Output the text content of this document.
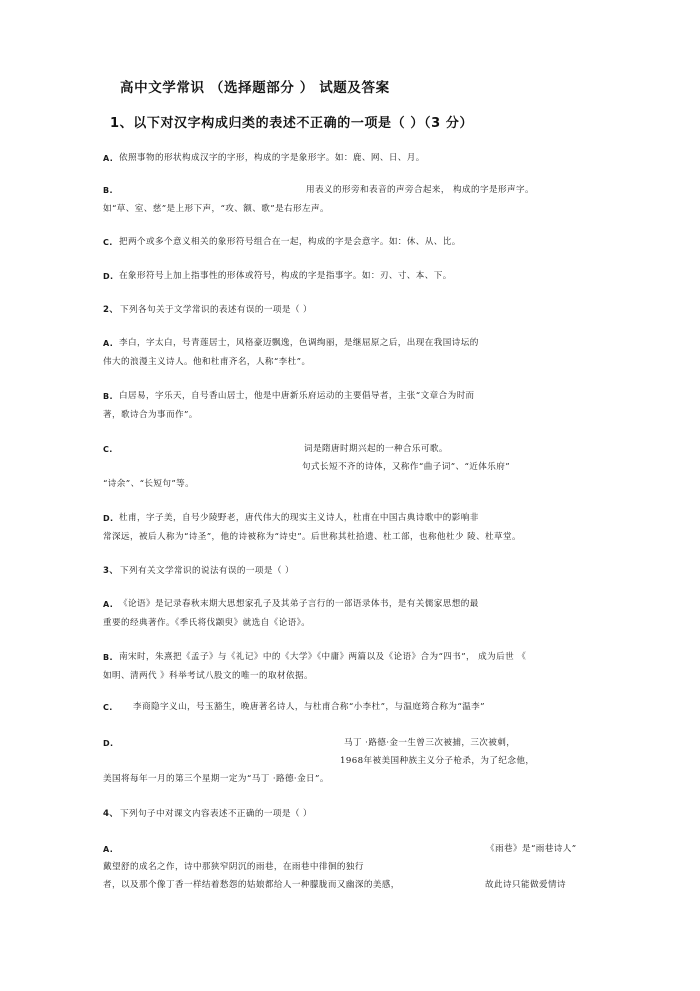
高中文学常识 （选择题部分 ） 试题及答案
1、以下对汉字构成归类的表述不正确的一项是（ ）（3 分）
A. 依照事物的形状构成汉字的字形，构成的字是象形字。如：鹿、网、日、月。
B.	用表义的形旁和表音的声旁合起来， 构成的字是形声字。
如“草、室、慈”是上形下声，“攻、额、歌”是右形左声。
C. 把两个或多个意义相关的象形符号组合在一起，构成的字是会意字。如：休、从、比。
D. 在象形符号上加上指事性的形体或符号，构成的字是指事字。如：刃、寸、本、下。
2、 下列各句关于文学常识的表述有误的一项是（ ）
A. 李白，字太白，号青莲居士，风格豪迈飘逸，色调绚丽，是继屈原之后，出现在我国诗坛的
伟大的浪漫主义诗人。他和杜甫齐名，人称“李杜”。
B. 白居易，字乐天，自号香山居士，他是中唐新乐府运动的主要倡导者，主张“文章合为时而
著，歌诗合为事而作”。
C.	词是隋唐时期兴起的一种合乐可歌。
句式长短不齐的诗体，又称作“曲子词”、“近体乐府”
“诗余”、“长短句”等。
D. 杜甫，字子美，自号少陵野老，唐代伟大的现实主义诗人，杜甫在中国古典诗歌中的影响非
常深远，被后人称为“诗圣”，他的诗被称为“诗史”。后世称其杜拾遗、杜工部，也称他杜少 陵、杜草堂。
3、 下列有关文学常识的说法有误的一项是（ ）
A. 《论语》是记录春秋末期大思想家孔子及其弟子言行的一部语录体书，是有关儒家思想的最
重要的经典著作。《季氏将伐颛臾》就选自《论语》。
B. 南宋时，朱熹把《孟子》与《礼记》中的《大学》《中庸》两篇以及《论语》合为“四书”， 成为后世 《
如明、清两代 》科举考试八股文的唯一的取材依据。
C. 李商隐字义山，号玉豁生，晚唐著名诗人，与杜甫合称“小李杜”，与温庭筠合称为“温李”
D.	马丁 ·路德·金一生曾三次被捕，三次被刺，
1968年被美国种族主义分子枪杀，为了纪念他，
美国将每年一月的第三个星期一定为“马丁 ·路德·金日”。
4、 下列句子中对课文内容表述不正确的一项是（ ）
A.	《雨巷》是“雨巷诗人”
戴望舒的成名之作，诗中那狭窄阴沉的雨巷，在雨巷中徘徊的独行
者，以及那个像丁香一样结着愁怨的姑娘都给人一种朦胧而又幽深的美感，	故此诗只能做爱情诗
